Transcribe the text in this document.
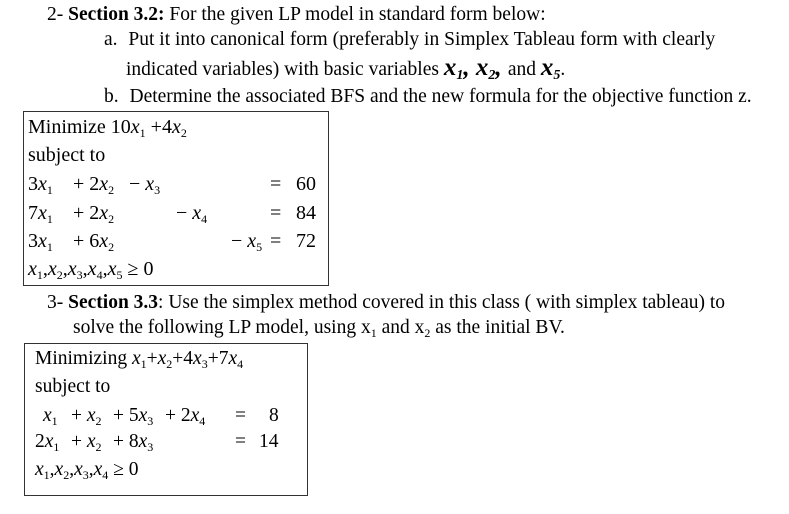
2- Section 3.2: For the given LP model in standard form below:
a. Put it into canonical form (preferably in Simplex Tableau form with clearly
indicated variables) with basic variables $x_1$, $x_2$, and $x_5$.
b. Determine the associated BFS and the new formula for the objective function z.
Minimize $10x_1 +4x_2$
subject to
$3x_1 + 2x_2 - x_3$	= 60
$7x_1 + 2x_2$	− $x_4$	= 84
$3x_1 + 6x_2$	− $x_5 = 72$
$x_1,x_2,x_3,x_4,x_5 \ge 0$
3- Section 3.3: Use the simplex method covered in this class ( with simplex tableau) to
solve the following LP model, using $x_1$ and $x_2$ as the initial BV.
Minimizing $x_1+x_2+4x_3+7x_4$
subject to
$x_1 + x_2 + 5x_3 + 2x_4 = 8$
$2x_1 + x_2 + 8x_3$	= 14
$x_1,x_2,x_3,x_4 \ge 0$
